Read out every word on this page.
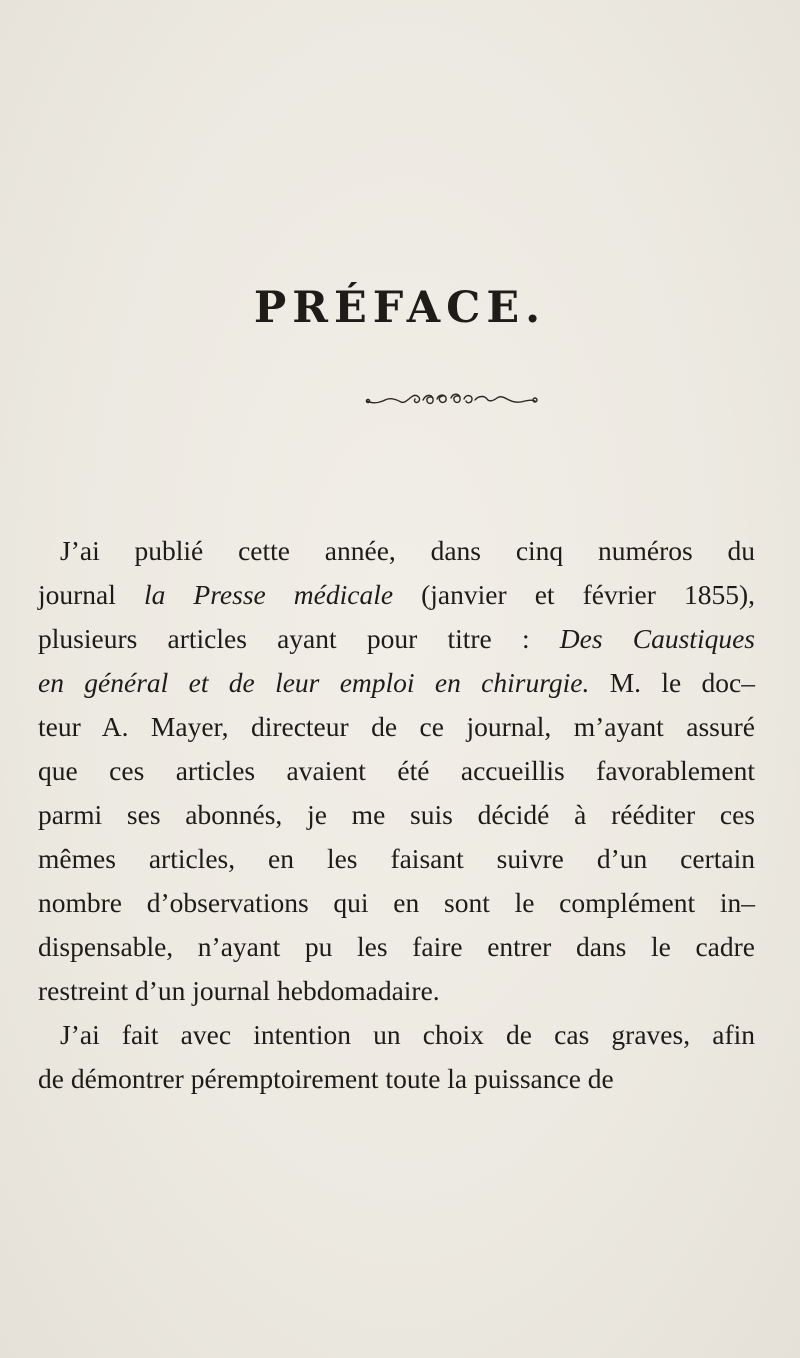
PRÉFACE.
J’ai publié cette année, dans cinq numéros du
journal la Presse médicale (janvier et février 1855),
plusieurs articles ayant pour titre : Des Caustiques
en général et de leur emploi en chirurgie. M. le doc–
teur A. Mayer, directeur de ce journal, m’ayant assuré
que ces articles avaient été accueillis favorablement
parmi ses abonnés, je me suis décidé à rééditer ces
mêmes articles, en les faisant suivre d’un certain
nombre d’observations qui en sont le complément in–
dispensable, n’ayant pu les faire entrer dans le cadre
restreint d’un journal hebdomadaire.
J’ai fait avec intention un choix de cas graves, afin
de démontrer péremptoirement toute la puissance de
